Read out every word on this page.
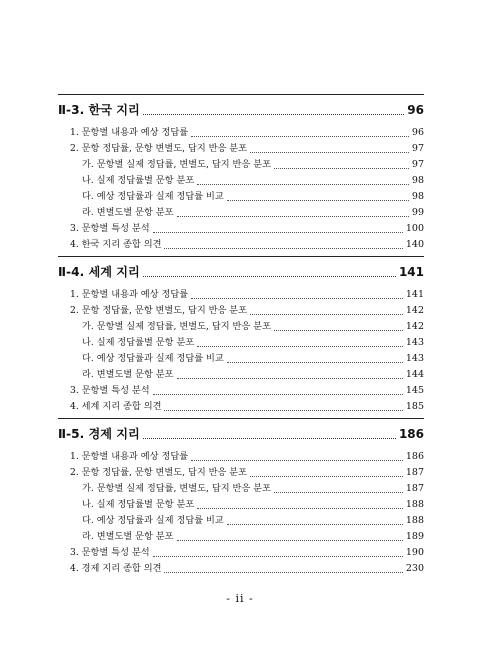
Ⅱ-3. 한국 지리	96
1. 문항별 내용과 예상 정답률	96
2. 문항 정답률, 문항 변별도, 답지 반응 분포	97
가. 문항별 실제 정답률, 변별도, 답지 반응 분포	97
나. 실제 정답률별 문항 분포	98
다. 예상 정답률과 실제 정답률 비교	98
라. 변별도별 문항 분포	99
3. 문항별 특성 분석	100
4. 한국 지리 종합 의견	140
Ⅱ-4. 세계 지리	141
1. 문항별 내용과 예상 정답률	141
2. 문항 정답률, 문항 변별도, 답지 반응 분포	142
가. 문항별 실제 정답률, 변별도, 답지 반응 분포	142
나. 실제 정답률별 문항 분포	143
다. 예상 정답률과 실제 정답률 비교	143
라. 변별도별 문항 분포	144
3. 문항별 특성 분석	145
4. 세계 지리 종합 의견	185
Ⅱ-5. 경제 지리	186
1. 문항별 내용과 예상 정답률	186
2. 문항 정답률, 문항 변별도, 답지 반응 분포	187
가. 문항별 실제 정답률, 변별도, 답지 반응 분포	187
나. 실제 정답률별 문항 분포	188
다. 예상 정답률과 실제 정답률 비교	188
라. 변별도별 문항 분포	189
3. 문항별 특성 분석	190
4. 경제 지리 종합 의견	230
- ii -
